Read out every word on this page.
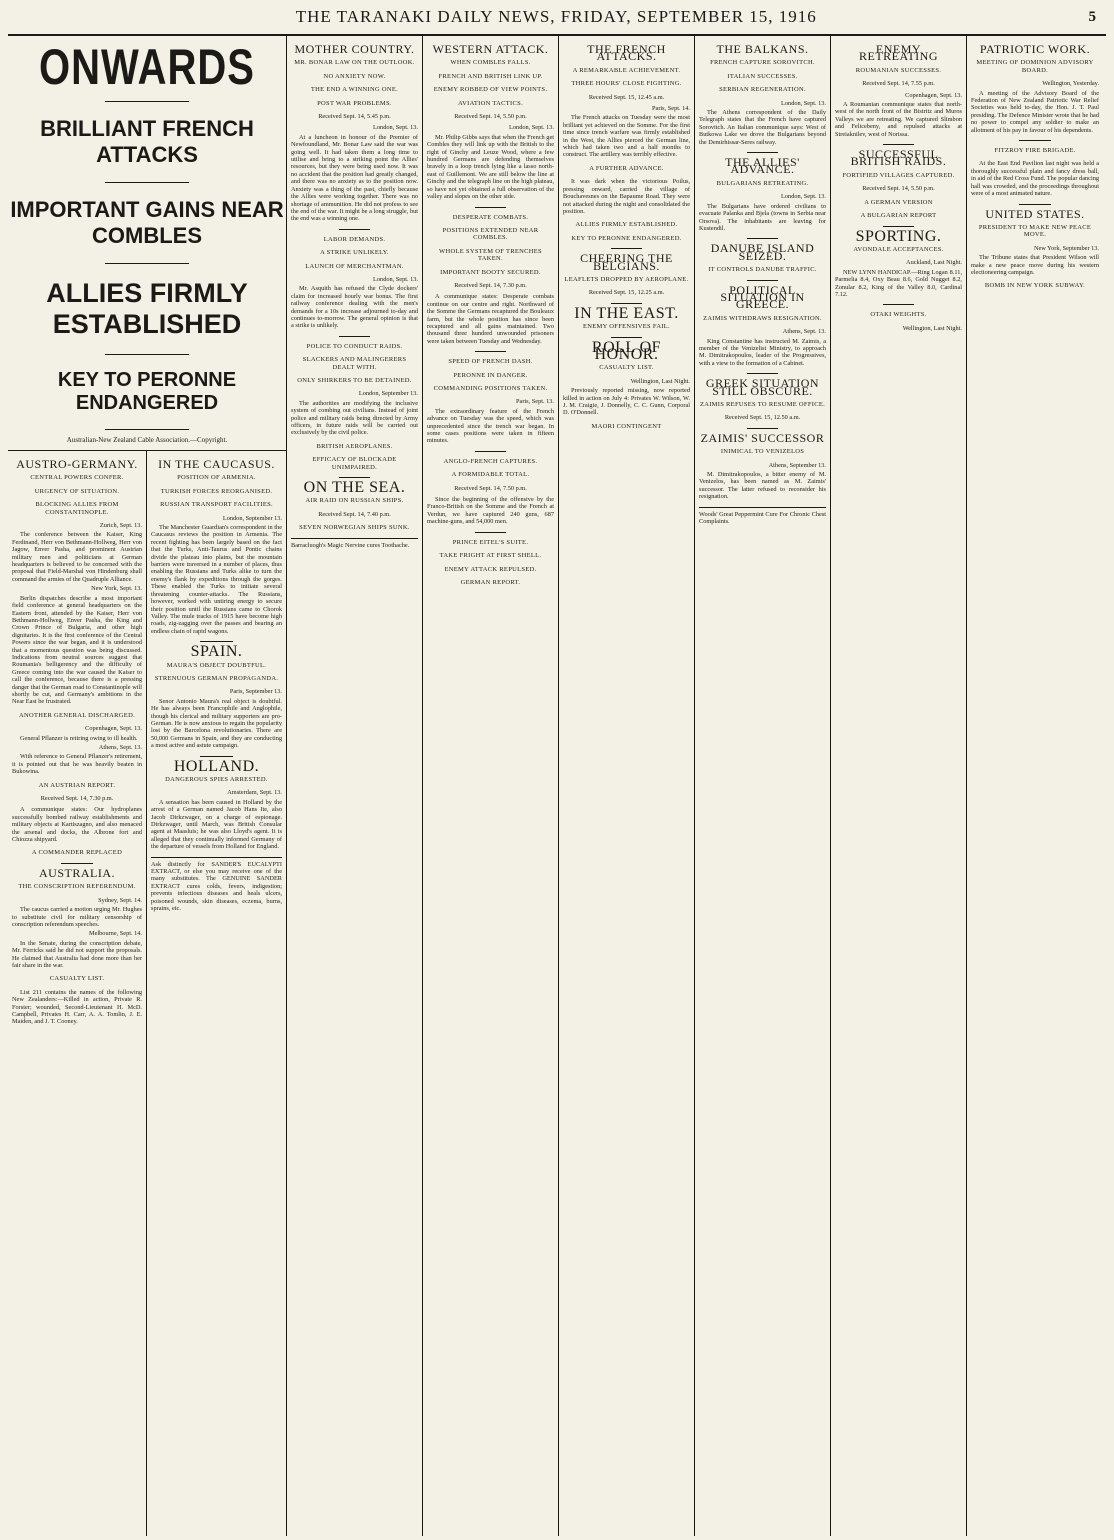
THE TARANAKI DAILY NEWS, FRIDAY, SEPTEMBER 15, 1916	5
ONWARDS
BRILLIANT FRENCH ATTACKS
IMPORTANT GAINS NEAR COMBLES
ALLIES FIRMLY ESTABLISHED
KEY TO PERONNE ENDANGERED
Australian-New Zealand Cable Association.—Copyright.
AUSTRO-GERMANY.
CENTRAL POWERS CONFER.
URGENCY OF SITUATION.
BLOCKING ALLIES FROM CONSTANTINOPLE.
Zurich, Sept. 13.

The conference between the Kaiser, King Ferdinand, Herr von Bethmann-Hollweg, Herr von Jagow, Enver Pasha, and prominent Austrian military men and politicians at German headquarters is believed to be concerned with the proposal that Field-Marshal von Hindenburg shall command the armies of the Quadruple Alliance.

New York, Sept. 13.

Berlin dispatches describe a most important field conference at general headquarters on the Eastern front, attended by the Kaiser, Herr von Bethmann-Hollweg, Enver Pasha, the King and Crown Prince of Bulgaria, and other high dignitaries. It is the first conference of the Central Powers since the war began, and it is understood that a momentous question was being discussed. Indications from neutral sources suggest that Roumania's belligerency and the difficulty of Greece coming into the war caused the Kaiser to call the conference, because there is a pressing danger that the German road to Constantinople will shortly be cut, and Germany's ambitions in the Near East be frustrated.

ANOTHER GENERAL DISCHARGED.
Copenhagen, Sept. 13.

General Pflanzer is retiring owing to ill health.

Athens, Sept. 13.

With reference to General Pflanzer's retirement, it is pointed out that he was heavily beaten in Bukowina.

AN AUSTRIAN REPORT.
Received Sept. 14, 7.30 p.m.

A communique states: Our hydroplanes successfully bombed railway establishments and military objects at Kartiszagno, and also menaced the arsenal and docks, the Albrone fort and Chiozza shipyard.

A COMMANDER REPLACED
AUSTRALIA.
THE CONSCRIPTION REFERENDUM.
Sydney, Sept. 14.

The caucus carried a motion urging Mr. Hughes to substitute civil for military censorship of conscription referendum speeches.

Melbourne, Sept. 14.

In the Senate, during the conscription debate, Mr. Ferricks said he did not support the proposals. He claimed that Australia had done more than her fair share in the war.

CASUALTY LIST.

List 211 contains the names of the following New Zealanders:—Killed in action, Private R. Forster; wounded, Second-Lieutenant H. McD. Campbell, Privates H. Carr, A. A. Tomlin, J. E. Maiden, and J. T. Cooney.

IN THE CAUCASUS.
POSITION OF ARMENIA.
TURKISH FORCES REORGANISED.
RUSSIAN TRANSPORT FACILITIES.
London, September 13.

The Manchester Guardian's correspondent in the Caucasus reviews the position in Armenia. The recent fighting has been largely based on the fact that the Turks, Anti-Taurus and Pontic chains divide the plateau into plains, but the mountain barriers were traversed in a number of places, thus enabling the Russians and Turks alike to turn the enemy's flank by expeditions through the gorges. These enabled the Turks to initiate several threatening counter-attacks. The Russians, however, worked with untiring energy to secure their position until the Russians came to Chorok Valley. The mule tracks of 1915 have become high roads, zig-zagging over the passes and bearing an endless chain of rapid wagons.

SPAIN.
MAURA'S OBJECT DOUBTFUL.
STRENUOUS GERMAN PROPAGANDA.
Paris, September 13.

Senor Antonio Maura's real object is doubtful. He has always been Francophile and Anglophile, though his clerical and military supporters are pro-German. He is now anxious to regain the popularity lost by the Barcelona revolutionaries. There are 50,000 Germans in Spain, and they are conducting a most active and astute campaign.

HOLLAND.
DANGEROUS SPIES ARRESTED.
Amsterdam, Sept. 13.

A sensation has been caused in Holland by the arrest of a German named Jacob Hans Ite, also Jacob Dirkzwager, on a charge of espionage. Dirkzwager, until March, was British Consular agent at Maasluis; he was also Lloyd's agent. It is alleged that they continually informed Germany of the departure of vessels from Holland for England.

Ask distinctly for SANDER'S EUCALYPTI EXTRACT, or else you may receive one of the many substitutes. The GENUINE SANDER EXTRACT cures colds, fevers, indigestion; prevents infectious diseases and heals ulcers, poisoned wounds, skin diseases, eczema, burns, sprains, etc.
MOTHER COUNTRY.
MR. BONAR LAW ON THE OUTLOOK.
NO ANXIETY NOW.
THE END A WINNING ONE.
POST WAR PROBLEMS.
Received Sept. 14, 5.45 p.m.
London, Sept. 13.

At a luncheon in honour of the Premier of Newfoundland, Mr. Bonar Law said the war was going well. It had taken them a long time to utilise and bring to a striking point the Allies' resources, but they were being used now. It was no accident that the position had greatly changed, and there was no anxiety as to the position now. Anxiety was a thing of the past, chiefly because the Allies were working together. There was no shortage of ammunition. He did not profess to see the end of the war. It might be a long struggle, but the end was a winning one.

LABOR DEMANDS.
A STRIKE UNLIKELY.
LAUNCH OF MERCHANTMAN.
London, Sept. 13.

Mr. Asquith has refused the Clyde dockers' claim for increased hourly war bonus. The first railway conference dealing with the men's demands for a 10s increase adjourned to-day and continues to-morrow. The general opinion is that a strike is unlikely.

POLICE TO CONDUCT RAIDS.
SLACKERS AND MALINGERERS DEALT WITH.
ONLY SHIRKERS TO BE DETAINED.
London, September 13.

The authorities are modifying the inclusive system of combing out civilians. Instead of joint police and military raids being directed by Army officers, in future raids will be carried out exclusively by the civil police.

BRITISH AEROPLANES.
EFFICACY OF BLOCKADE UNIMPAIRED.
ON THE SEA.
AIR RAID ON RUSSIAN SHIPS.
Received Sept. 14, 7.40 p.m.
SEVEN NORWEGIAN SHIPS SUNK.
Barracluogh's Magic Nervine cures Toothache.
WESTERN ATTACK.
WHEN COMBLES FALLS.
FRENCH AND BRITISH LINK UP.
ENEMY ROBBED OF VIEW POINTS.
AVIATION TACTICS.
Received Sept. 14, 5.50 p.m.
London, Sept. 13.

Mr. Philip Gibbs says that when the French get Combles they will link up with the British to the right of Ginchy and Leuze Wood, where a few hundred Germans are defending themselves bravely in a loop trench lying like a lasso north-east of Guillemont. We are still below the line at Ginchy and the telegraph line on the high plateau, so have not yet obtained a full observation of the valley and slopes on the other side.

DESPERATE COMBATS.
POSITIONS EXTENDED NEAR COMBLES.
WHOLE SYSTEM OF TRENCHES TAKEN.
IMPORTANT BOOTY SECURED.
Received Sept. 14, 7.30 p.m.

A communique states: Desperate combats continue on our centre and right. Northward of the Somme the Germans recaptured the Bouleaux farm, but the whole position has since been recaptured and all gains maintained. Two thousand three hundred unwounded prisoners were taken between Tuesday and Wednesday.

SPEED OF FRENCH DASH.
PERONNE IN DANGER.
COMMANDING POSITIONS TAKEN.
Paris, Sept. 13.

The extraordinary feature of the French advance on Tuesday was the speed, which was unprecedented since the trench war began. In some cases positions were taken in fifteen minutes.

ANGLO-FRENCH CAPTURES.
A FORMIDABLE TOTAL.
Received Sept. 14, 7.50 p.m.

Since the beginning of the offensive by the Franco-British on the Somme and the French at Verdun, we have captured 240 guns, 687 machine-guns, and 54,000 men.

PRINCE EITEL'S SUITE.
TAKE FRIGHT AT FIRST SHELL.
ENEMY ATTACK REPULSED.
GERMAN REPORT.
THE FRENCH ATTACKS.
A REMARKABLE ACHIEVEMENT.
THREE HOURS' CLOSE FIGHTING.
Received Sept. 15, 12.45 a.m.
Paris, Sept. 14.

The French attacks on Tuesday were the most brilliant yet achieved on the Somme. For the first time since trench warfare was firmly established in the West, the Allies pierced the German line, which had taken two and a half months to construct. The artillery was terribly effective.

A FURTHER ADVANCE.

It was dark when the victorious Poilus, pressing onward, carried the village of Bouchavesnes on the Bapaume Road. They were not attacked during the night and consolidated the position.

ALLIES FIRMLY ESTABLISHED.
KEY TO PERONNE ENDANGERED.
CHEERING THE BELGIANS.
LEAFLETS DROPPED BY AEROPLANE.
Received Sept. 15, 12.25 a.m.
IN THE EAST.
ENEMY OFFENSIVES FAIL.
ROLL OF HONOR.
CASUALTY LIST.
Wellington, Last Night.

Previously reported missing, now reported killed in action on July 4: Privates W. Wilson, W. J. M. Craigie, J. Donnelly, C. C. Gunn, Corporal D. O'Donnell.

MAORI CONTINGENT
THE BALKANS.
FRENCH CAPTURE SOROVITCH.
ITALIAN SUCCESSES.
SERBIAN REGENERATION.
London, Sept. 13.

The Athens correspondent of the Daily Telegraph states that the French have captured Sorovitch. An Italian communique says: West of Butkowa Lake we drove the Bulgarians beyond the Demirhissar-Seres railway.

THE ALLIES' ADVANCE.
BULGARIANS RETREATING.
London, Sept. 13.

The Bulgarians have ordered civilians to evacuate Palanka and Bjela (towns in Serbia near Orsova). The inhabitants are leaving for Kustendil.

DANUBE ISLAND SEIZED.
IT CONTROLS DANUBE TRAFFIC.
POLITICAL SITUATION IN GREECE.
ZAIMIS WITHDRAWS RESIGNATION.
Athens, Sept. 13.

King Constantine has instructed M. Zaimis, a member of the Venizelist Ministry, to approach M. Dimitrakopoulos, leader of the Progressives, with a view to the formation of a Cabinet.

GREEK SITUATION STILL OBSCURE.
ZAIMIS REFUSES TO RESUME OFFICE.
Received Sept. 15, 12.50 a.m.
ZAIMIS' SUCCESSOR
INIMICAL TO VENIZELOS
Athens, September 13.

M. Dimitrakopoulos, a bitter enemy of M. Venizelos, has been named as M. Zaimis' successor. The latter refused to reconsider his resignation.

Woods' Great Peppermint Cure For Chronic Chest Complaints.
ENEMY RETREATING
ROUMANIAN SUCCESSES.
Received Sept. 14, 7.55 p.m.
Copenhagen, Sept. 13.

A Roumanian communique states that north-west of the north front of the Bistritz and Muros Valleys we are retreating. We captured Slimbon and Felicebeny, and repulsed attacks at Streiaknilev, west of Norissa.

SUCCESSFUL BRITISH RAIDS.
FORTIFIED VILLAGES CAPTURED.
Received Sept. 14, 5.50 p.m.
A GERMAN VERSION
A BULGARIAN REPORT
SPORTING.
AVONDALE ACCEPTANCES.
Auckland, Last Night.

NEW LYNN HANDICAP.—Ring Logan 8.11, Parmelia 8.4, Oxy Beau 8.6, Gold Nugget 8.2, Zonular 8.2, King of the Valley 8.0, Cardinal 7.12.

OTAKI WEIGHTS.
Wellington, Last Night.
PATRIOTIC WORK.
MEETING OF DOMINION ADVISORY BOARD.
Wellington, Yesterday.

A meeting of the Advisory Board of the Federation of New Zealand Patriotic War Relief Societies was held to-day, the Hon. J. T. Paul presiding. The Defence Minister wrote that he had no power to compel any soldier to make an allotment of his pay in favour of his dependents.

FITZROY FIRE BRIGADE.

At the East End Pavilion last night was held a thoroughly successful plain and fancy dress ball, in aid of the Red Cross Fund. The popular dancing hall was crowded, and the proceedings throughout were of a most animated nature.

UNITED STATES.
PRESIDENT TO MAKE NEW PEACE MOVE.
New York, September 13.

The Tribune states that President Wilson will make a new peace move during his western electioneering campaign.

BOMB IN NEW YORK SUBWAY.
